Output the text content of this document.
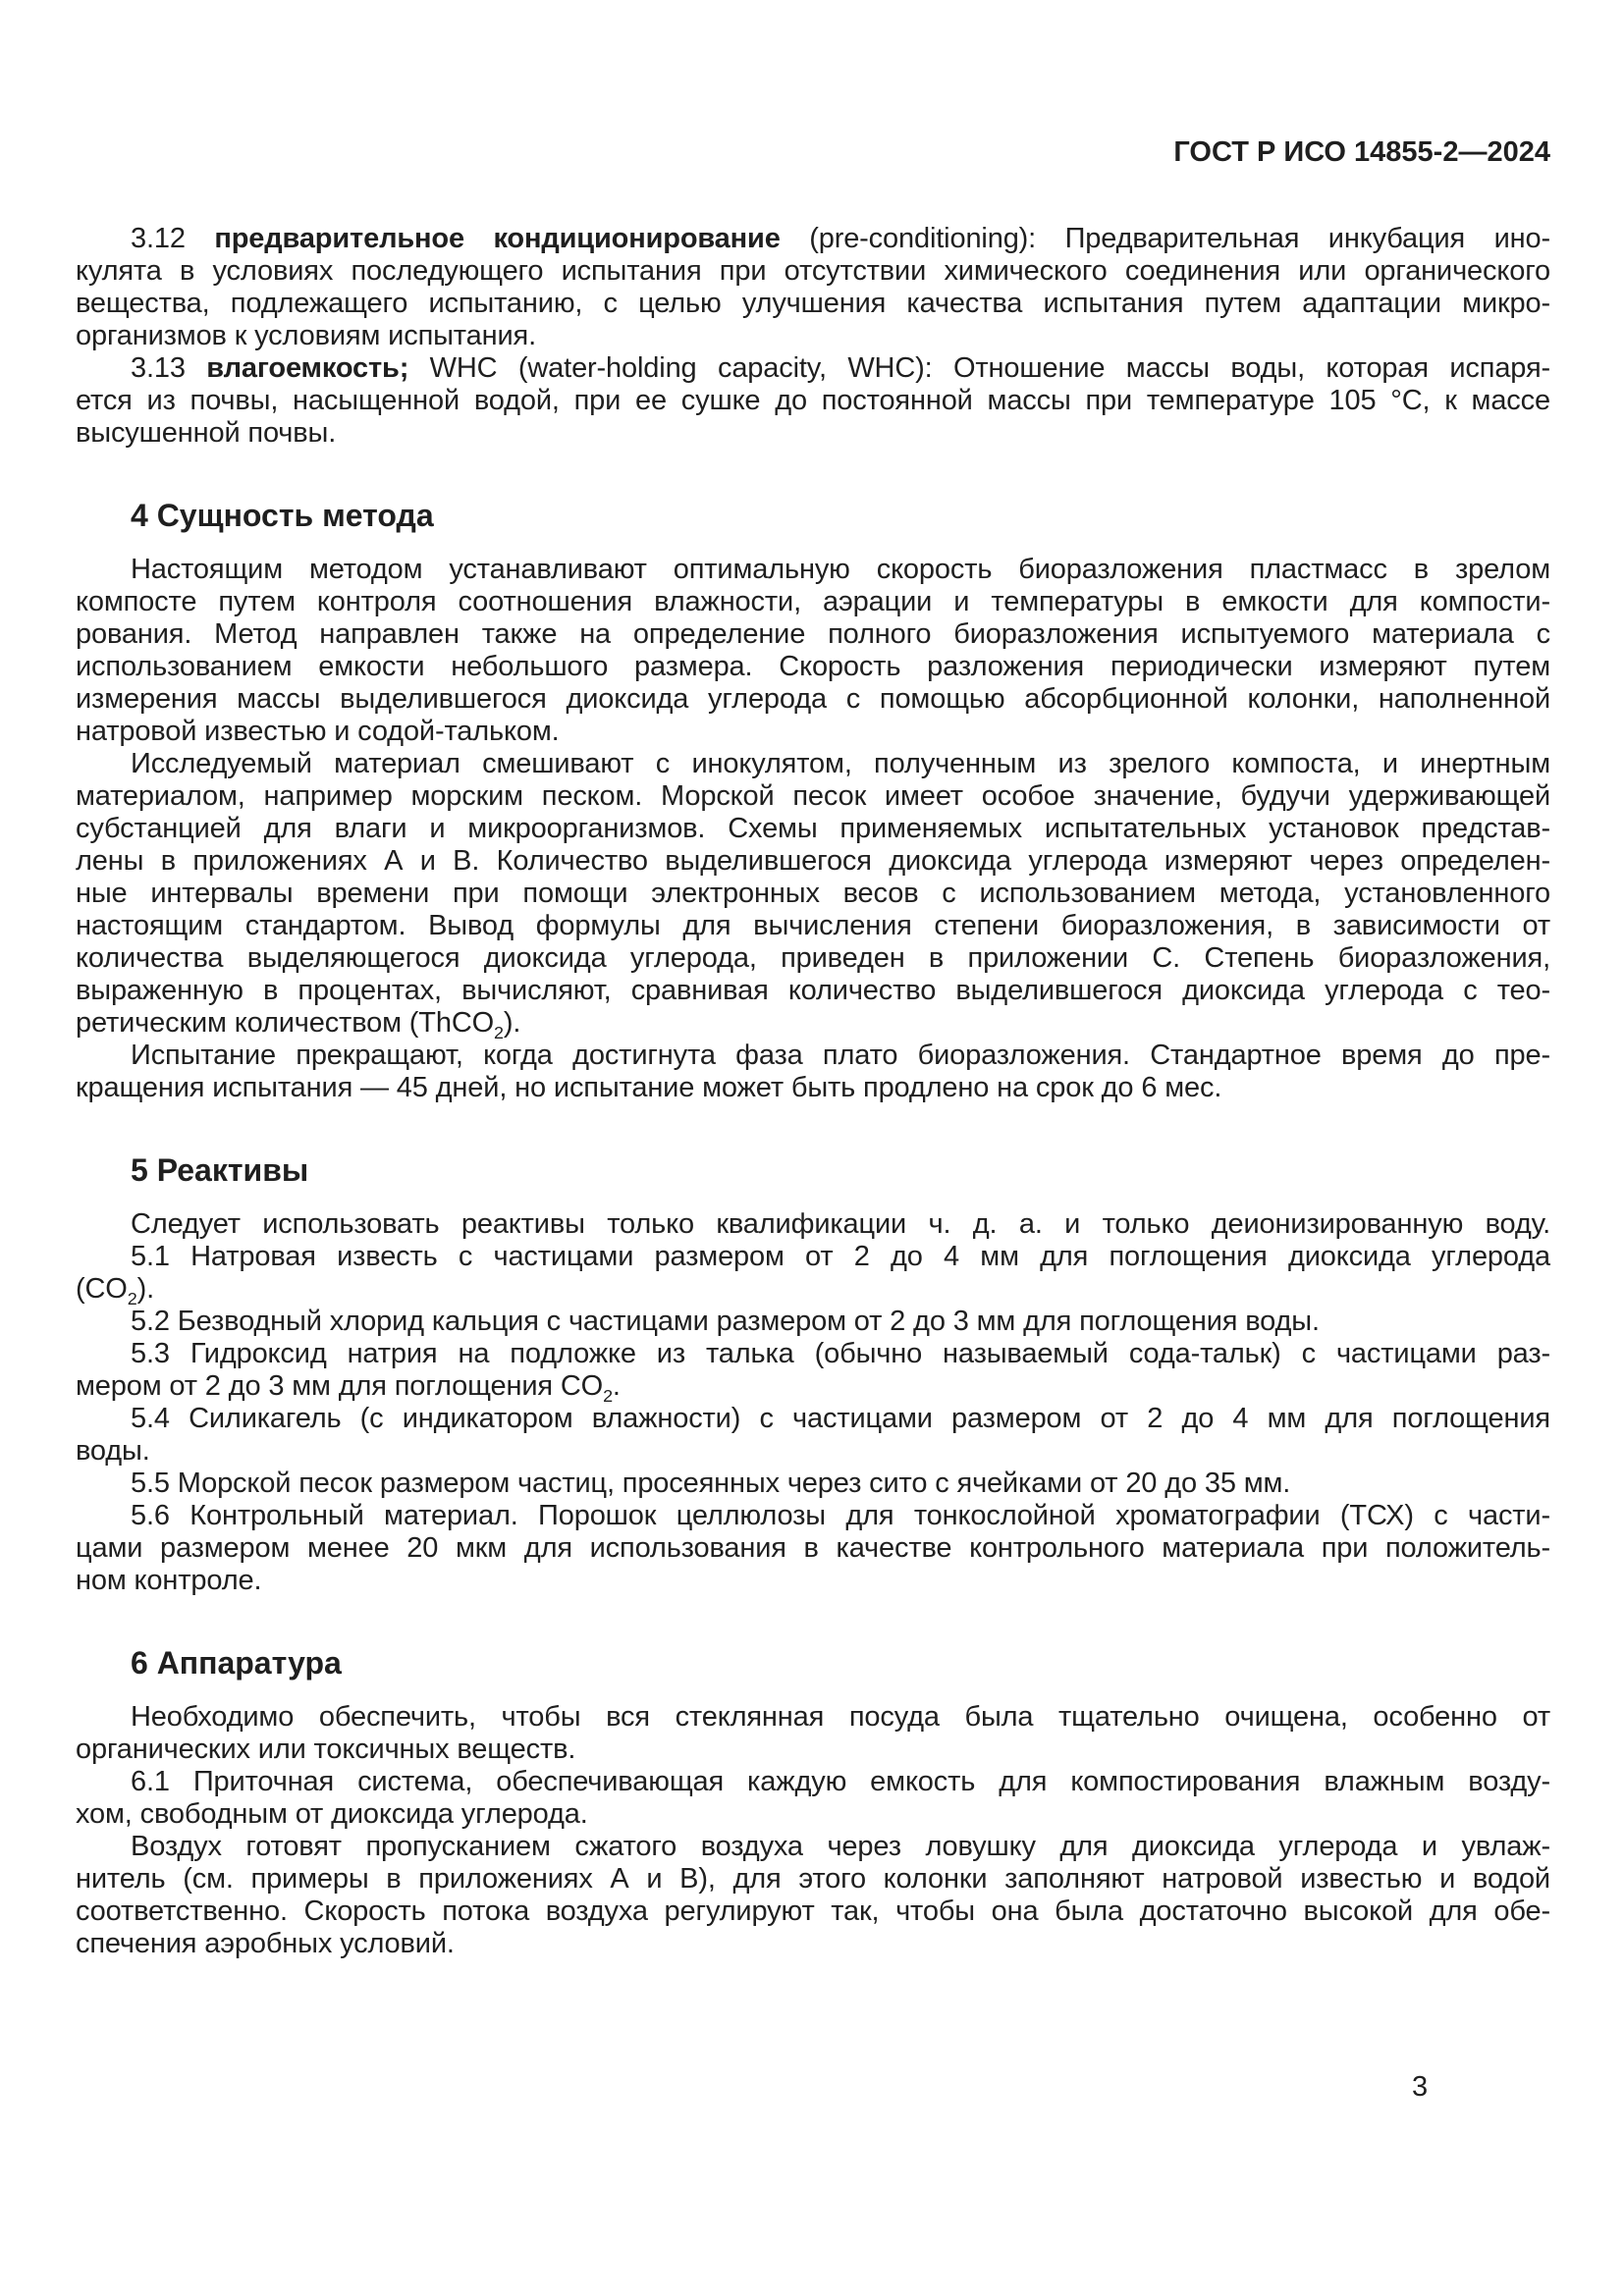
ГОСТ Р ИСО 14855-2—2024

3.12 предварительное кондиционирование (pre-conditioning): Предварительная инкубация ино-
кулята в условиях последующего испытания при отсутствии химического соединения или органического
вещества, подлежащего испытанию, с целью улучшения качества испытания путем адаптации микро-
организмов к условиям испытания.

3.13 влагоемкость; WHC (water-holding capacity, WHC): Отношение массы воды, которая испаря-
ется из почвы, насыщенной водой, при ее сушке до постоянной массы при температуре 105 °С, к массе
высушенной почвы.

4 Сущность метода

Настоящим методом устанавливают оптимальную скорость биоразложения пластмасс в зрелом
компосте путем контроля соотношения влажности, аэрации и температуры в емкости для компости-
рования. Метод направлен также на определение полного биоразложения испытуемого материала с
использованием емкости небольшого размера. Скорость разложения периодически измеряют путем
измерения массы выделившегося диоксида углерода с помощью абсорбционной колонки, наполненной
натровой известью и содой-тальком.

Исследуемый материал смешивают с инокулятом, полученным из зрелого компоста, и инертным
материалом, например морским песком. Морской песок имеет особое значение, будучи удерживающей
субстанцией для влаги и микроорганизмов. Схемы применяемых испытательных установок представ-
лены в приложениях А и В. Количество выделившегося диоксида углерода измеряют через определен-
ные интервалы времени при помощи электронных весов с использованием метода, установленного
настоящим стандартом. Вывод формулы для вычисления степени биоразложения, в зависимости от
количества выделяющегося диоксида углерода, приведен в приложении С. Степень биоразложения,
выраженную в процентах, вычисляют, сравнивая количество выделившегося диоксида углерода с тео-
ретическим количеством (ThCO$_2$).

Испытание прекращают, когда достигнута фаза плато биоразложения. Стандартное время до пре-
кращения испытания — 45 дней, но испытание может быть продлено на срок до 6 мес.

5 Реактивы

Следует использовать реактивы только квалификации ч. д. а. и только деионизированную воду.

5.1 Натровая известь с частицами размером от 2 до 4 мм для поглощения диоксида углерода
$(CO_2)$.

5.2 Безводный хлорид кальция с частицами размером от 2 до 3 мм для поглощения воды.

5.3 Гидроксид натрия на подложке из талька (обычно называемый сода-тальк) с частицами раз-
мером от 2 до 3 мм для поглощения $CO_2$.

5.4 Силикагель (с индикатором влажности) с частицами размером от 2 до 4 мм для поглощения
воды.

5.5 Морской песок размером частиц, просеянных через сито с ячейками от 20 до 35 мм.

5.6 Контрольный материал. Порошок целлюлозы для тонкослойной хроматографии (ТСХ) с части-
цами размером менее 20 мкм для использования в качестве контрольного материала при положитель-
ном контроле.

6 Аппаратура

Необходимо обеспечить, чтобы вся стеклянная посуда была тщательно очищена, особенно от
органических или токсичных веществ.

6.1 Приточная система, обеспечивающая каждую емкость для компостирования влажным возду-
хом, свободным от диоксида углерода.

Воздух готовят пропусканием сжатого воздуха через ловушку для диоксида углерода и увлаж-
нитель (см. примеры в приложениях А и В), для этого колонки заполняют натровой известью и водой
соответственно. Скорость потока воздуха регулируют так, чтобы она была достаточно высокой для обе-
спечения аэробных условий.

3
